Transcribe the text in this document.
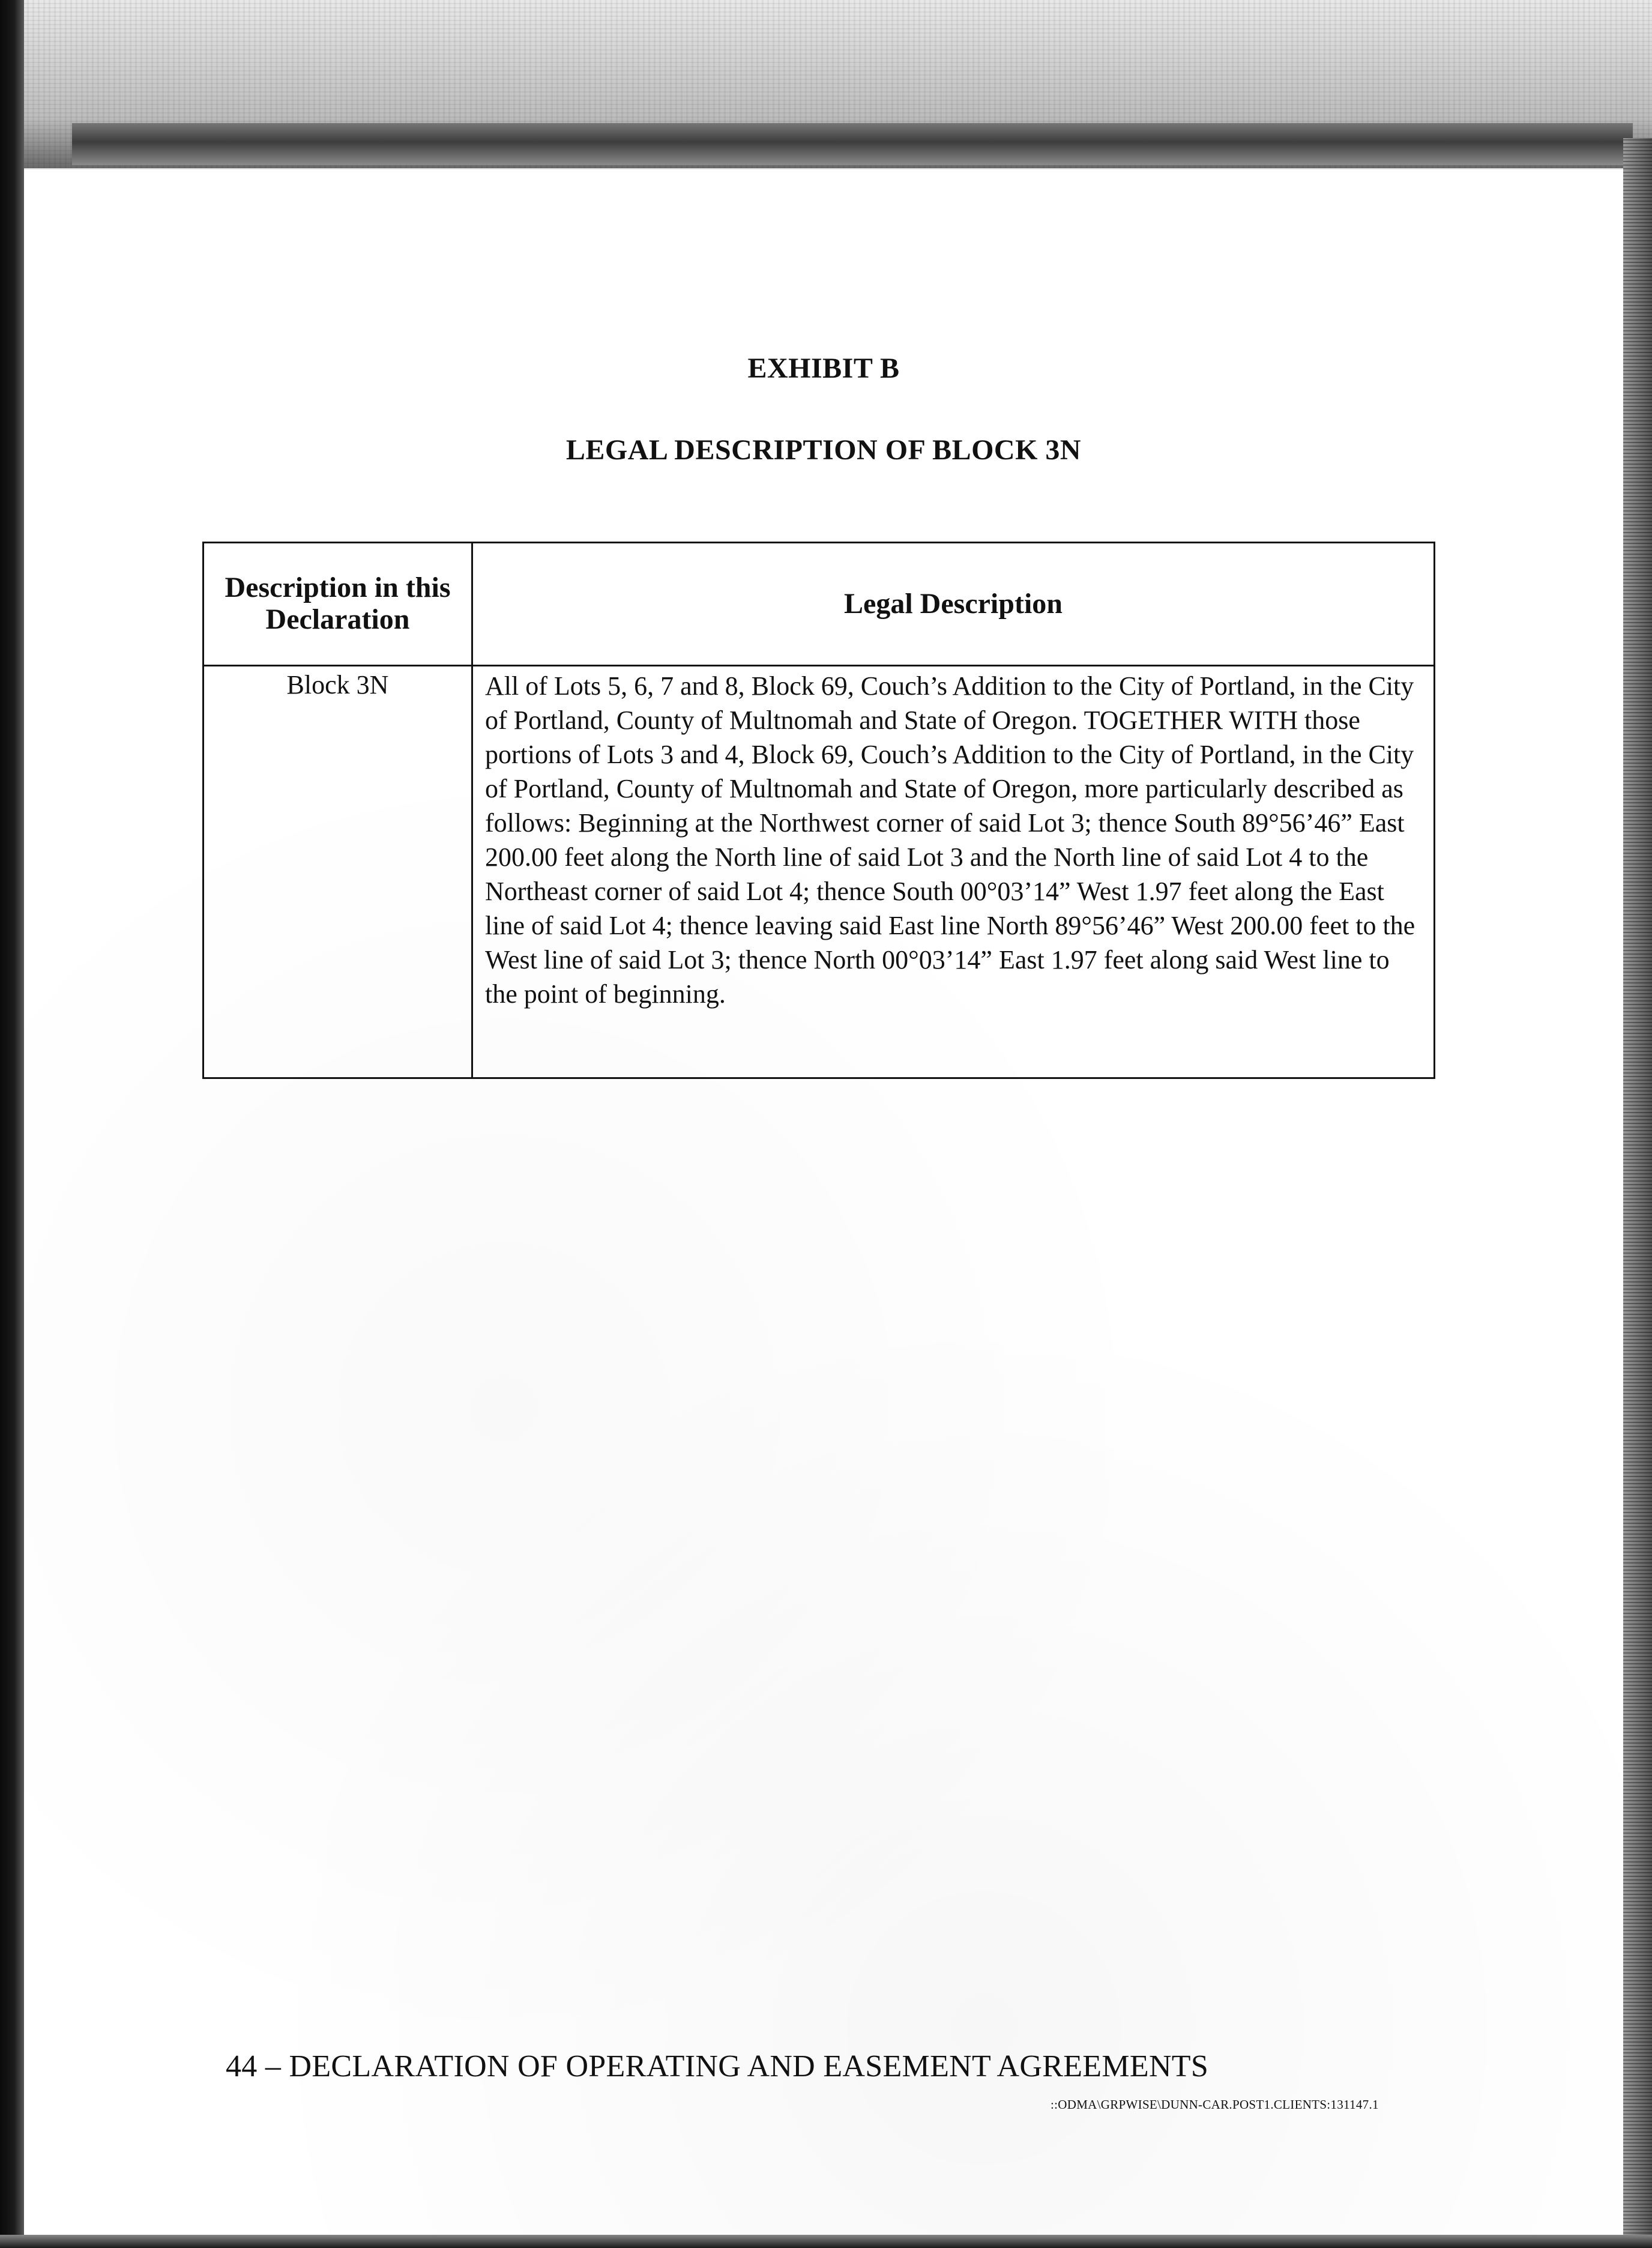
EXHIBIT B
LEGAL DESCRIPTION OF BLOCK 3N
Description in this Declaration	Legal Description
Block 3N	All of Lots 5, 6, 7 and 8, Block 69, Couch’s Addition to the City of Portland, in the City of Portland, County of Multnomah and State of Oregon. TOGETHER WITH those portions of Lots 3 and 4, Block 69, Couch’s Addition to the City of Portland, in the City of Portland, County of Multnomah and State of Oregon, more particularly described as follows: Beginning at the Northwest corner of said Lot 3; thence South 89°56’46” East 200.00 feet along the North line of said Lot 3 and the North line of said Lot 4 to the Northeast corner of said Lot 4; thence South 00°03’14” West 1.97 feet along the East line of said Lot 4; thence leaving said East line North 89°56’46” West 200.00 feet to the West line of said Lot 3; thence North 00°03’14” East 1.97 feet along said West line to the point of beginning.
44 – DECLARATION OF OPERATING AND EASEMENT AGREEMENTS
::ODMA\GRPWISE\DUNN-CAR.POST1.CLIENTS:131147.1
